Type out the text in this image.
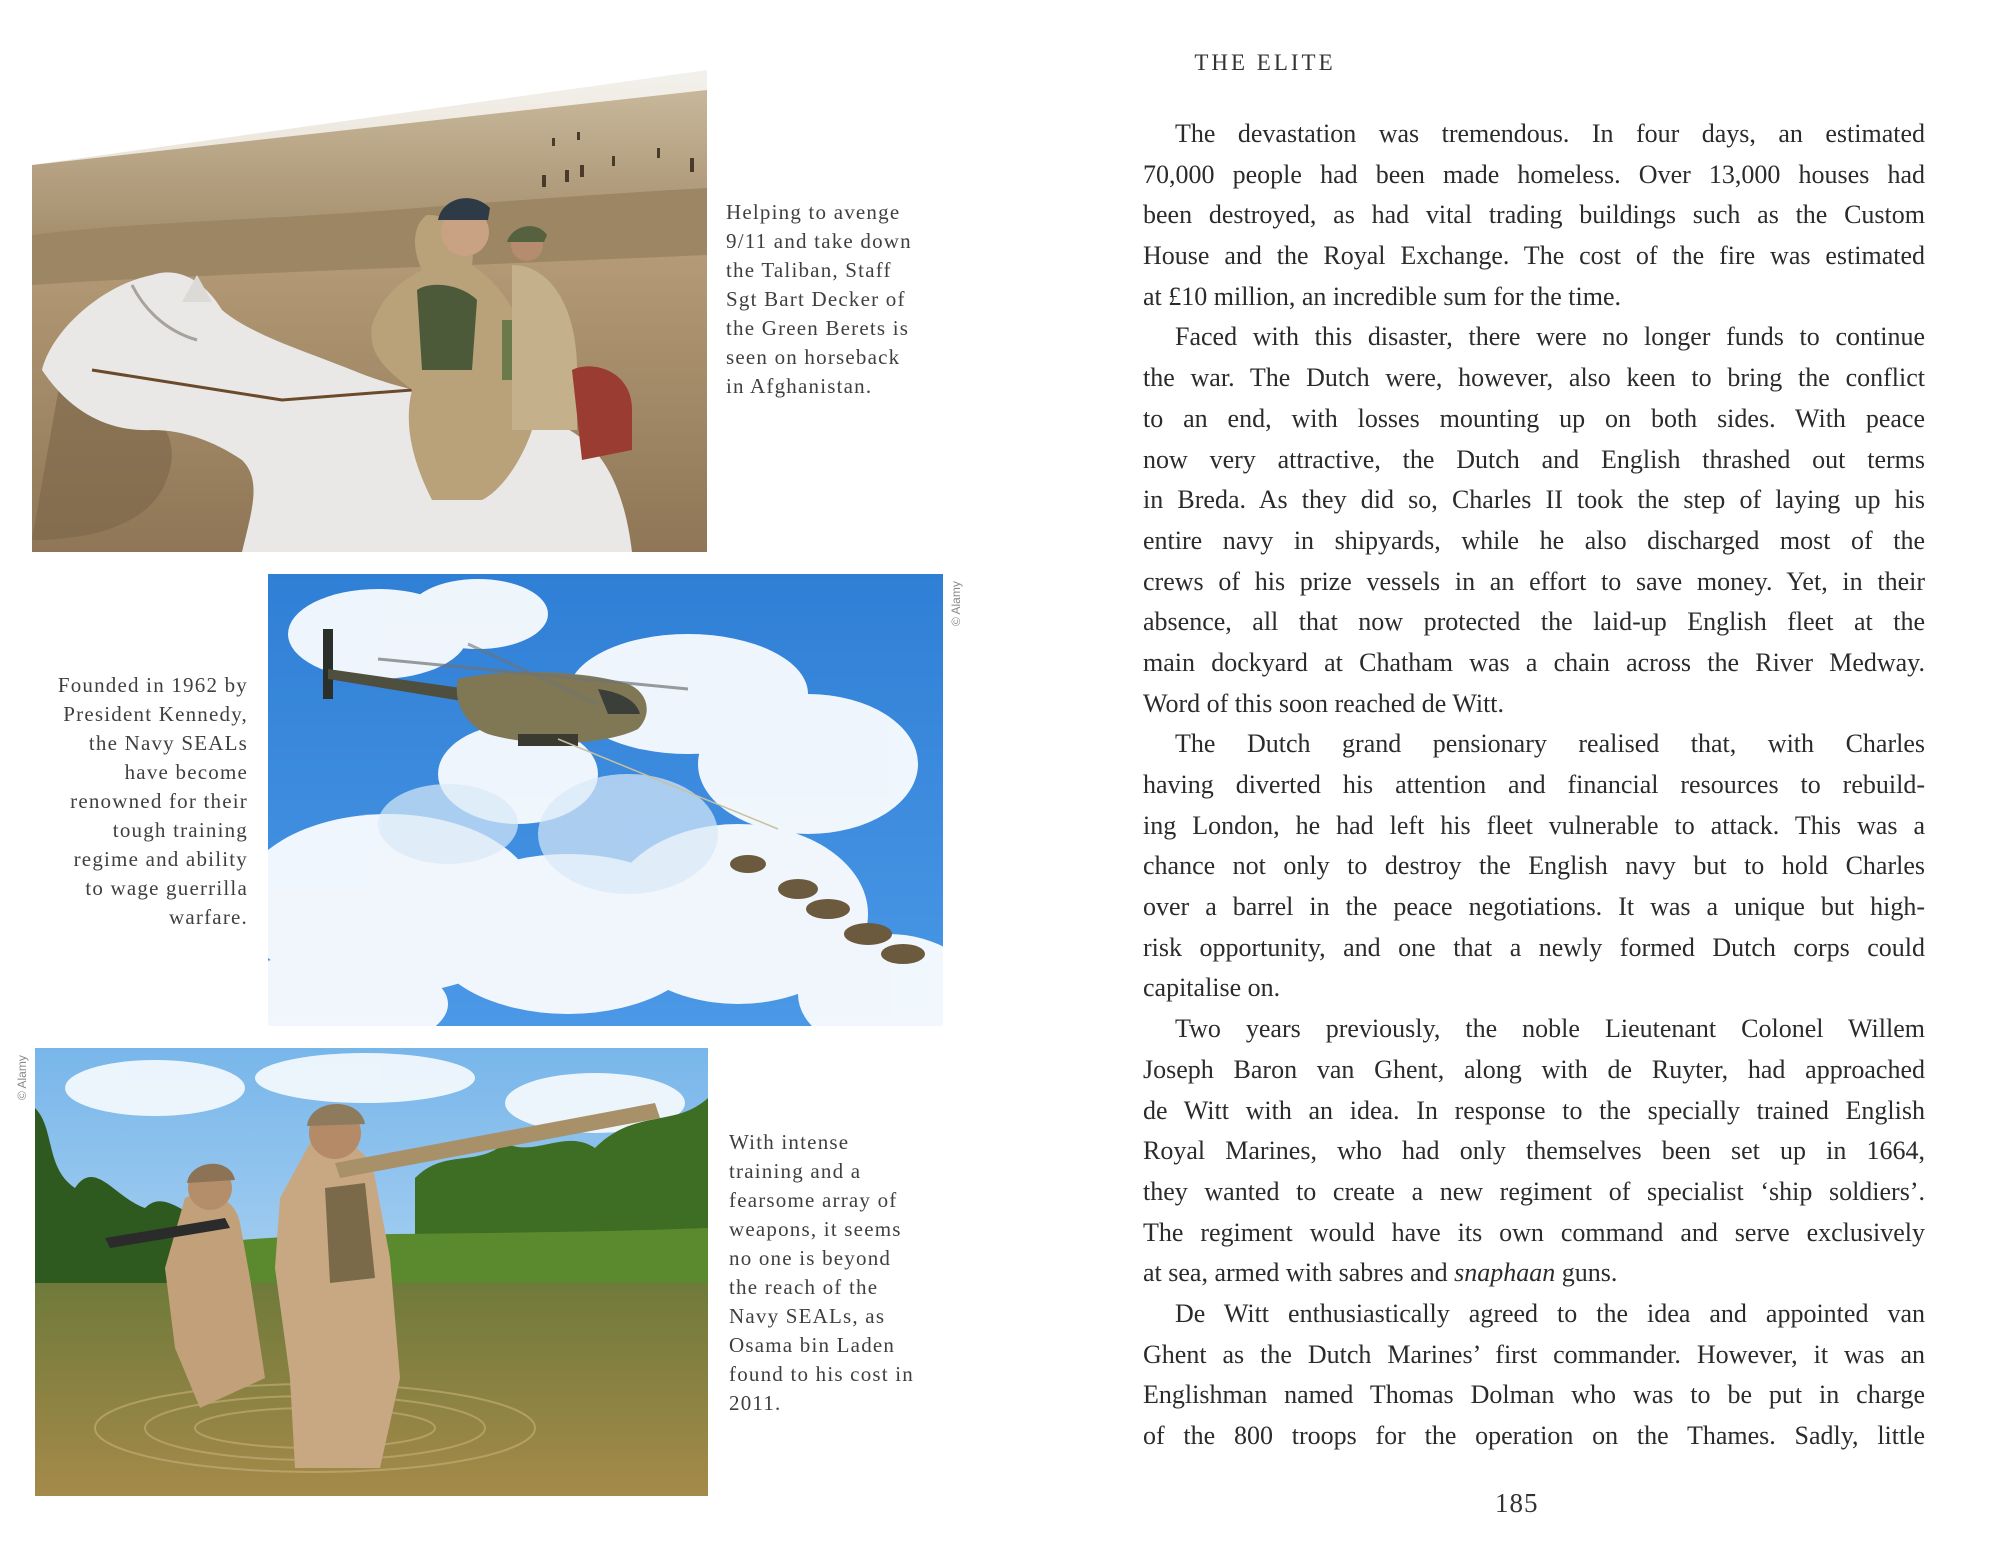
Helping to avenge
9/11 and take down
the Taliban, Staff
Sgt Bart Decker of
the Green Berets is
seen on horseback
in Afghanistan.
© Alamy
Founded in 1962 by
President Kennedy,
the Navy SEALs
have become
renowned for their
tough training
regime and ability
to wage guerrilla
warfare.
© Alamy
With intense
training and a
fearsome array of
weapons, it seems
no one is beyond
the reach of the
Navy SEALs, as
Osama bin Laden
found to his cost in
2011.
THE ELITE
The devastation was tremendous. In four days, an estimated
70,000 people had been made homeless. Over 13,000 houses had
been destroyed, as had vital trading buildings such as the Custom
House and the Royal Exchange. The cost of the fire was estimated
at £10 million, an incredible sum for the time.
Faced with this disaster, there were no longer funds to continue
the war. The Dutch were, however, also keen to bring the conflict
to an end, with losses mounting up on both sides. With peace
now very attractive, the Dutch and English thrashed out terms
in Breda. As they did so, Charles II took the step of laying up his
entire navy in shipyards, while he also discharged most of the
crews of his prize vessels in an effort to save money. Yet, in their
absence, all that now protected the laid-up English fleet at the
main dockyard at Chatham was a chain across the River Medway.
Word of this soon reached de Witt.
The Dutch grand pensionary realised that, with Charles
having diverted his attention and financial resources to rebuild-
ing London, he had left his fleet vulnerable to attack. This was a
chance not only to destroy the English navy but to hold Charles
over a barrel in the peace negotiations. It was a unique but high-
risk opportunity, and one that a newly formed Dutch corps could
capitalise on.
Two years previously, the noble Lieutenant Colonel Willem
Joseph Baron van Ghent, along with de Ruyter, had approached
de Witt with an idea. In response to the specially trained English
Royal Marines, who had only themselves been set up in 1664,
they wanted to create a new regiment of specialist ‘ship soldiers’.
The regiment would have its own command and serve exclusively
at sea, armed with sabres and snaphaan guns.
De Witt enthusiastically agreed to the idea and appointed van
Ghent as the Dutch Marines’ first commander. However, it was an
Englishman named Thomas Dolman who was to be put in charge
of the 800 troops for the operation on the Thames. Sadly, little
185
